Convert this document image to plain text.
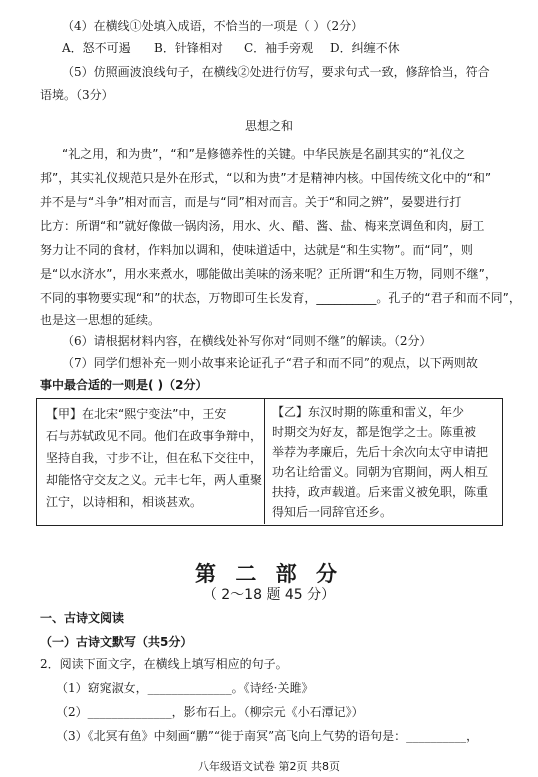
（4）在横线①处填入成语，不恰当的一项是（ ）（2分）
A．怒不可遏 B．针锋相对 C．袖手旁观 D．纠缠不休
（5）仿照画波浪线句子，在横线②处进行仿写，要求句式一致，修辞恰当，符合
语境。（3分）
思想之和
“礼之用，和为贵”，“和”是修德养性的关键。中华民族是名副其实的“礼仪之
邦”，其实礼仪规范只是外在形式，“以和为贵”才是精神内核。中国传统文化中的“和”
并不是与“斗争”相对而言，而是与“同”相对而言。关于“和同之辨”，晏婴进行打
比方：所谓“和”就好像做一锅肉汤，用水、火、醋、酱、盐、梅来烹调鱼和肉，厨工
努力让不同的食材，作料加以调和，使味道适中，达就是“和生实物”。而“同”，则
是“以水济水”，用水来煮水，哪能做出美味的汤来呢？正所谓“和生万物，同则不继”，
不同的事物要实现“和”的状态，万物即可生长发育，__________。孔子的“君子和而不同”，
也是这一思想的延续。
（6）请根据材料内容，在横线处补写你对“同则不继”的解读。（2分）
（7）同学们想补充一则小故事来论证孔子“君子和而不同”的观点，以下两则故
事中最合适的一则是( )（2分）
【甲】在北宋“熙宁变法”中，王安
石与苏轼政见不同。他们在政事争辩中，
坚持自我，寸步不让，但在私下交往中，
却能恪守交友之义。元丰七年，两人重聚
江宁，以诗相和，相谈甚欢。
【乙】东汉时期的陈重和雷义，年少
时期交为好友，都是饱学之士。陈重被
举荐为孝廉后，先后十余次向太守申请把
功名让给雷义。同朝为官期间，两人相互
扶持，政声载道。后来雷义被免职，陈重
得知后一同辞官还乡。
第 二 部 分
（ 2～18 题 45 分）
一、古诗文阅读
（一）古诗文默写（共5分）
2．阅读下面文字，在横线上填写相应的句子。
（1）窈窕淑女，______________。《诗经·关雎》
（2）______________，影布石上。（柳宗元《小石潭记》）
（3）《北冥有鱼》中刻画“鹏”“徙于南冥”高飞向上气势的语句是：__________，
八年级语文试卷 第2页 共8页
